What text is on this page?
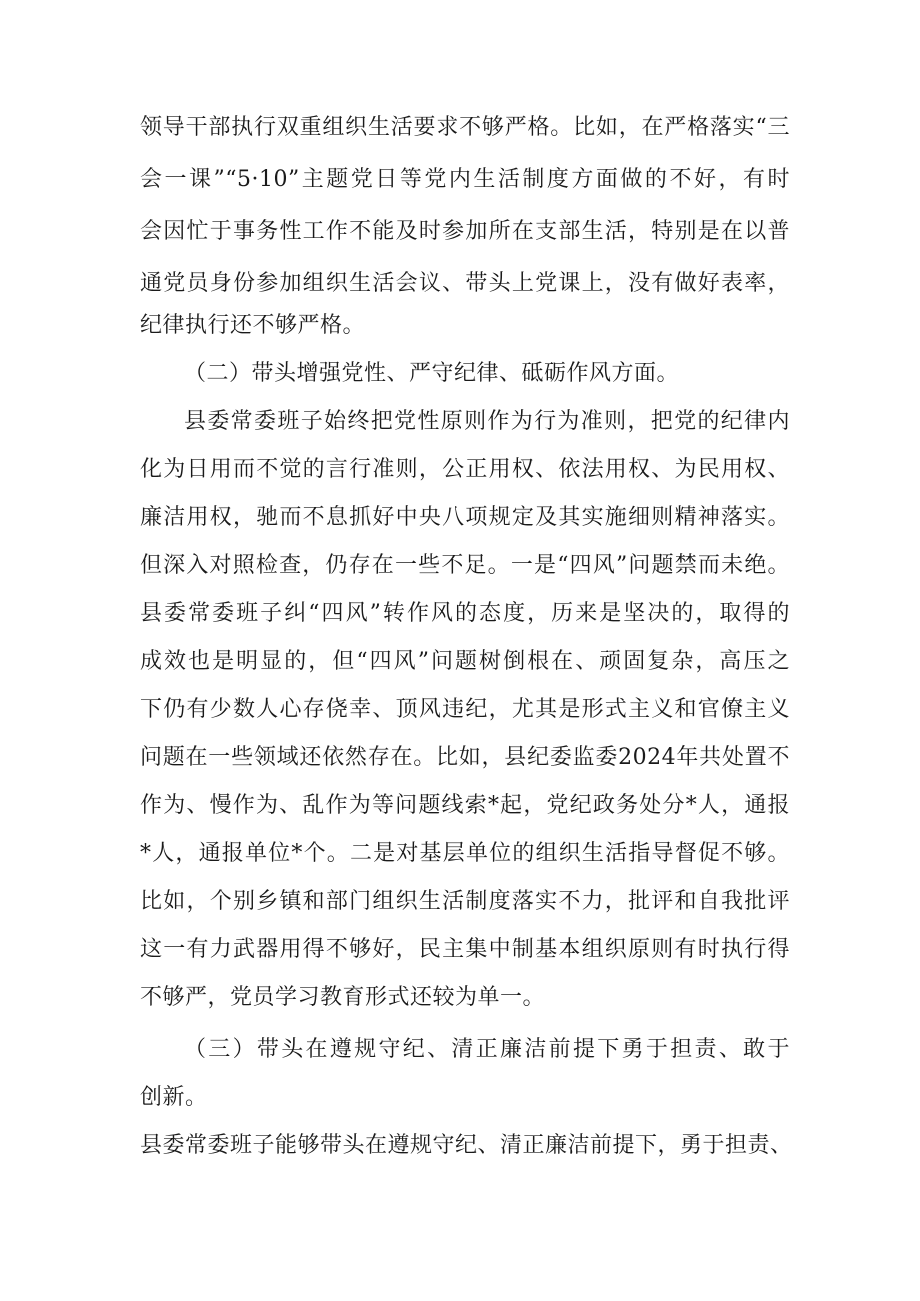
领导干部执行双重组织生活要求不够严格。比如，在严格落实“三
会一课”“5·10”主题党日等党内生活制度方面做的不好，有时
会因忙于事务性工作不能及时参加所在支部生活，特别是在以普
通党员身份参加组织生活会议、带头上党课上，没有做好表率，
纪律执行还不够严格。
（二）带头增强党性、严守纪律、砥砺作风方面。
县委常委班子始终把党性原则作为行为准则，把党的纪律内
化为日用而不觉的言行准则，公正用权、依法用权、为民用权、
廉洁用权，驰而不息抓好中央八项规定及其实施细则精神落实。
但深入对照检查，仍存在一些不足。一是“四风”问题禁而未绝。
县委常委班子纠“四风”转作风的态度，历来是坚决的，取得的
成效也是明显的，但“四风”问题树倒根在、顽固复杂，高压之
下仍有少数人心存侥幸、顶风违纪，尤其是形式主义和官僚主义
问题在一些领域还依然存在。比如，县纪委监委2024年共处置不
作为、慢作为、乱作为等问题线索*起，党纪政务处分*人，通报
*人，通报单位*个。二是对基层单位的组织生活指导督促不够。
比如，个别乡镇和部门组织生活制度落实不力，批评和自我批评
这一有力武器用得不够好，民主集中制基本组织原则有时执行得
不够严，党员学习教育形式还较为单一。
（三）带头在遵规守纪、清正廉洁前提下勇于担责、敢于
创新。
县委常委班子能够带头在遵规守纪、清正廉洁前提下，勇于担责、
